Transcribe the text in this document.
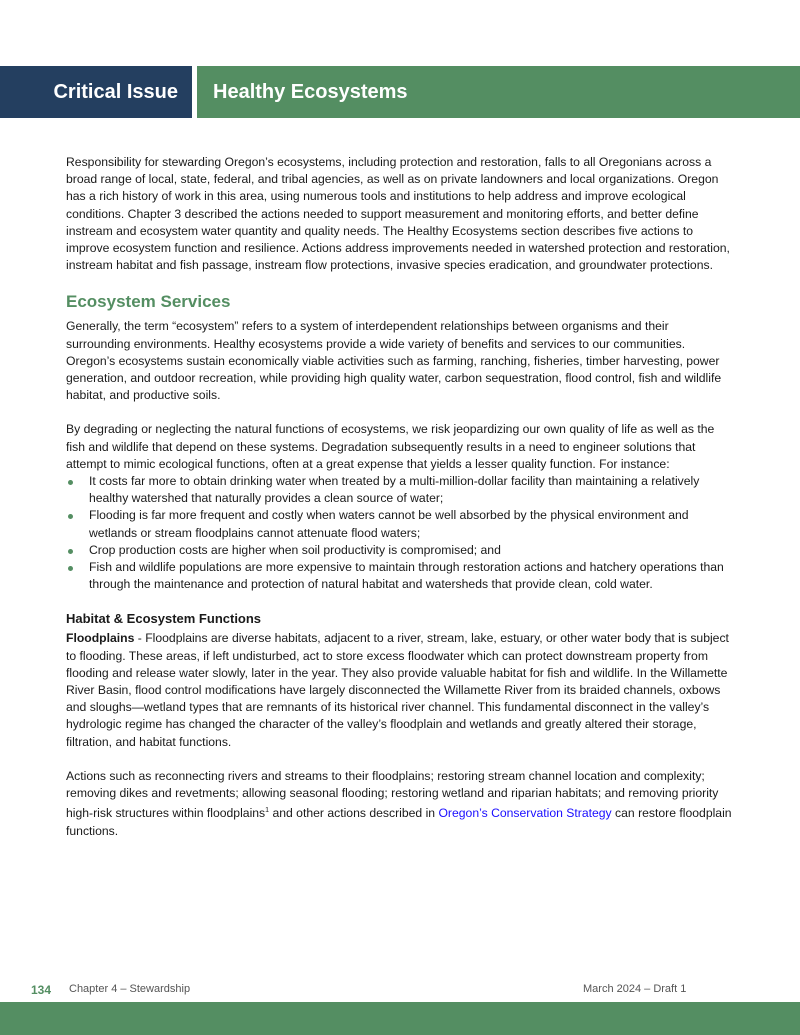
Critical Issue	Healthy Ecosystems

Responsibility for stewarding Oregon’s ecosystems, including protection and restoration, falls to all Oregonians across a broad range of local, state, federal, and tribal agencies, as well as on private landowners and local organizations. Oregon has a rich history of work in this area, using numerous tools and institutions to help address and improve ecological conditions. Chapter 3 described the actions needed to support measurement and monitoring efforts, and better define instream and ecosystem water quantity and quality needs. The Healthy Ecosystems section describes five actions to improve ecosystem function and resilience. Actions address improvements needed in watershed protection and restoration, instream habitat and fish passage, instream flow protections, invasive species eradication, and groundwater protections.

Ecosystem Services

Generally, the term “ecosystem” refers to a system of interdependent relationships between organisms and their surrounding environments. Healthy ecosystems provide a wide variety of benefits and services to our communities. Oregon’s ecosystems sustain economically viable activities such as farming, ranching, fisheries, timber harvesting, power generation, and outdoor recreation, while providing high quality water, carbon sequestration, flood control, fish and wildlife habitat, and productive soils.

By degrading or neglecting the natural functions of ecosystems, we risk jeopardizing our own quality of life as well as the fish and wildlife that depend on these systems. Degradation subsequently results in a need to engineer solutions that attempt to mimic ecological functions, often at a great expense that yields a lesser quality function. For instance:

It costs far more to obtain drinking water when treated by a multi-million-dollar facility than maintaining a relatively healthy watershed that naturally provides a clean source of water;
Flooding is far more frequent and costly when waters cannot be well absorbed by the physical environment and wetlands or stream floodplains cannot attenuate flood waters;
Crop production costs are higher when soil productivity is compromised; and
Fish and wildlife populations are more expensive to maintain through restoration actions and hatchery operations than through the maintenance and protection of natural habitat and watersheds that provide clean, cold water.
Habitat & Ecosystem Functions

Floodplains - Floodplains are diverse habitats, adjacent to a river, stream, lake, estuary, or other water body that is subject to flooding. These areas, if left undisturbed, act to store excess floodwater which can protect downstream property from flooding and release water slowly, later in the year. They also provide valuable habitat for fish and wildlife. In the Willamette River Basin, flood control modifications have largely disconnected the Willamette River from its braided channels, oxbows and sloughs—wetland types that are remnants of its historical river channel. This fundamental disconnect in the valley’s hydrologic regime has changed the character of the valley’s floodplain and wetlands and greatly altered their storage, filtration, and habitat functions.

Actions such as reconnecting rivers and streams to their floodplains; restoring stream channel location and complexity; removing dikes and revetments; allowing seasonal flooding; restoring wetland and riparian habitats; and removing priority high-risk structures within floodplains$^1$ and other actions described in Oregon’s Conservation Strategy can restore floodplain functions.

134 Chapter 4 – Stewardship	March 2024 – Draft 1
